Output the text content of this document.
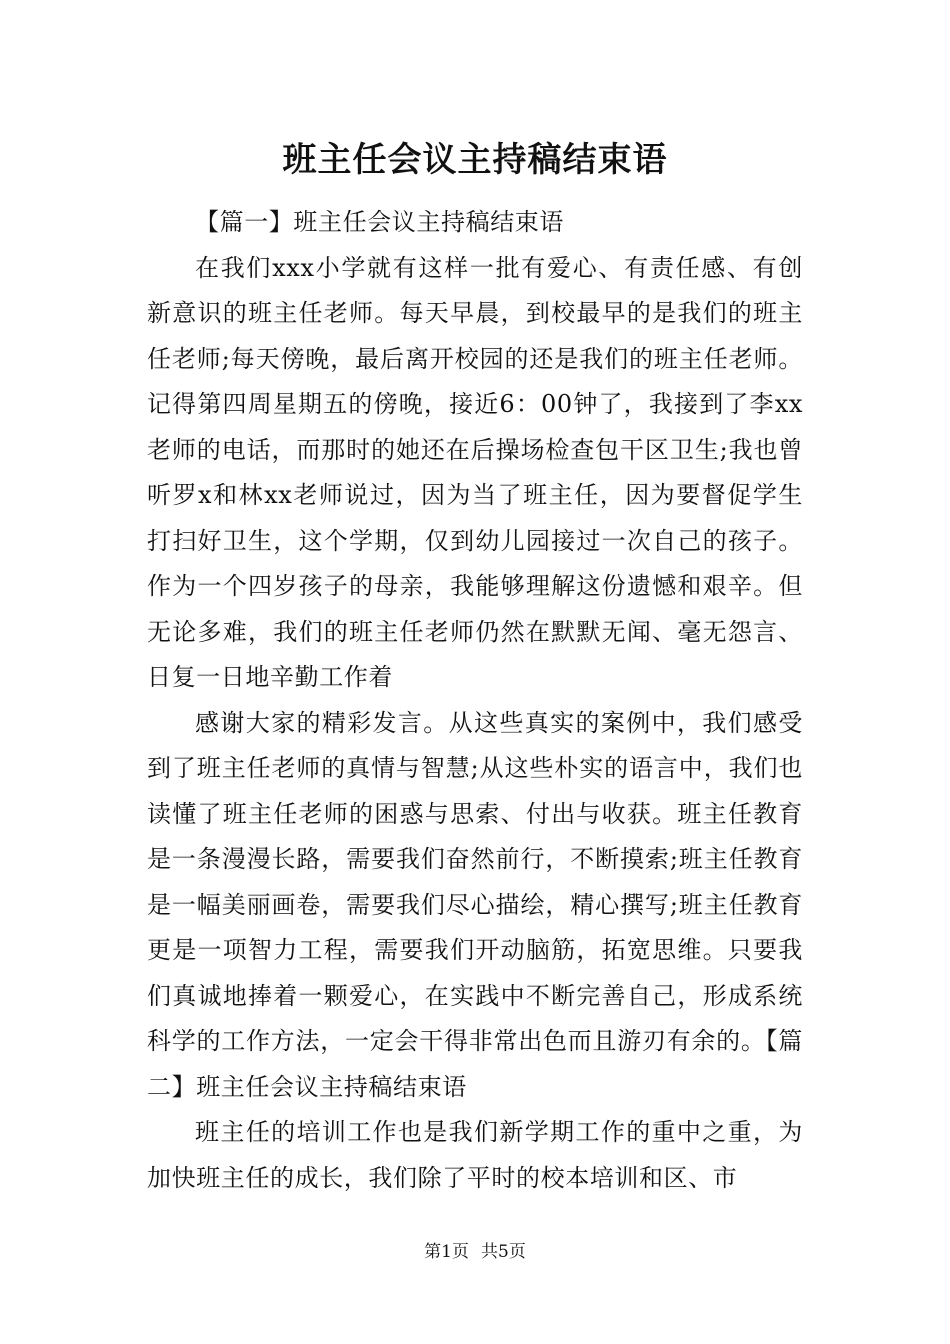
班主任会议主持稿结束语

【篇一】班主任会议主持稿结束语

在我们xxx小学就有这样一批有爱心、有责任感、有创新意识的班主任老师。每天早晨，到校最早的是我们的班主任老师;每天傍晚，最后离开校园的还是我们的班主任老师。记得第四周星期五的傍晚，接近6：00钟了，我接到了李xx老师的电话，而那时的她还在后操场检查包干区卫生;我也曾听罗x和林xx老师说过，因为当了班主任，因为要督促学生打扫好卫生，这个学期，仅到幼儿园接过一次自己的孩子。作为一个四岁孩子的母亲，我能够理解这份遗憾和艰辛。但无论多难，我们的班主任老师仍然在默默无闻、毫无怨言、日复一日地辛勤工作着

感谢大家的精彩发言。从这些真实的案例中，我们感受到了班主任老师的真情与智慧;从这些朴实的语言中，我们也读懂了班主任老师的困惑与思索、付出与收获。班主任教育是一条漫漫长路，需要我们奋然前行，不断摸索;班主任教育是一幅美丽画卷，需要我们尽心描绘，精心撰写;班主任教育更是一项智力工程，需要我们开动脑筋，拓宽思维。只要我们真诚地捧着一颗爱心，在实践中不断完善自己，形成系统科学的工作方法，一定会干得非常出色而且游刃有余的。【篇二】班主任会议主持稿结束语

班主任的培训工作也是我们新学期工作的重中之重，为加快班主任的成长，我们除了平时的校本培训和区、市

第1页 共5页
